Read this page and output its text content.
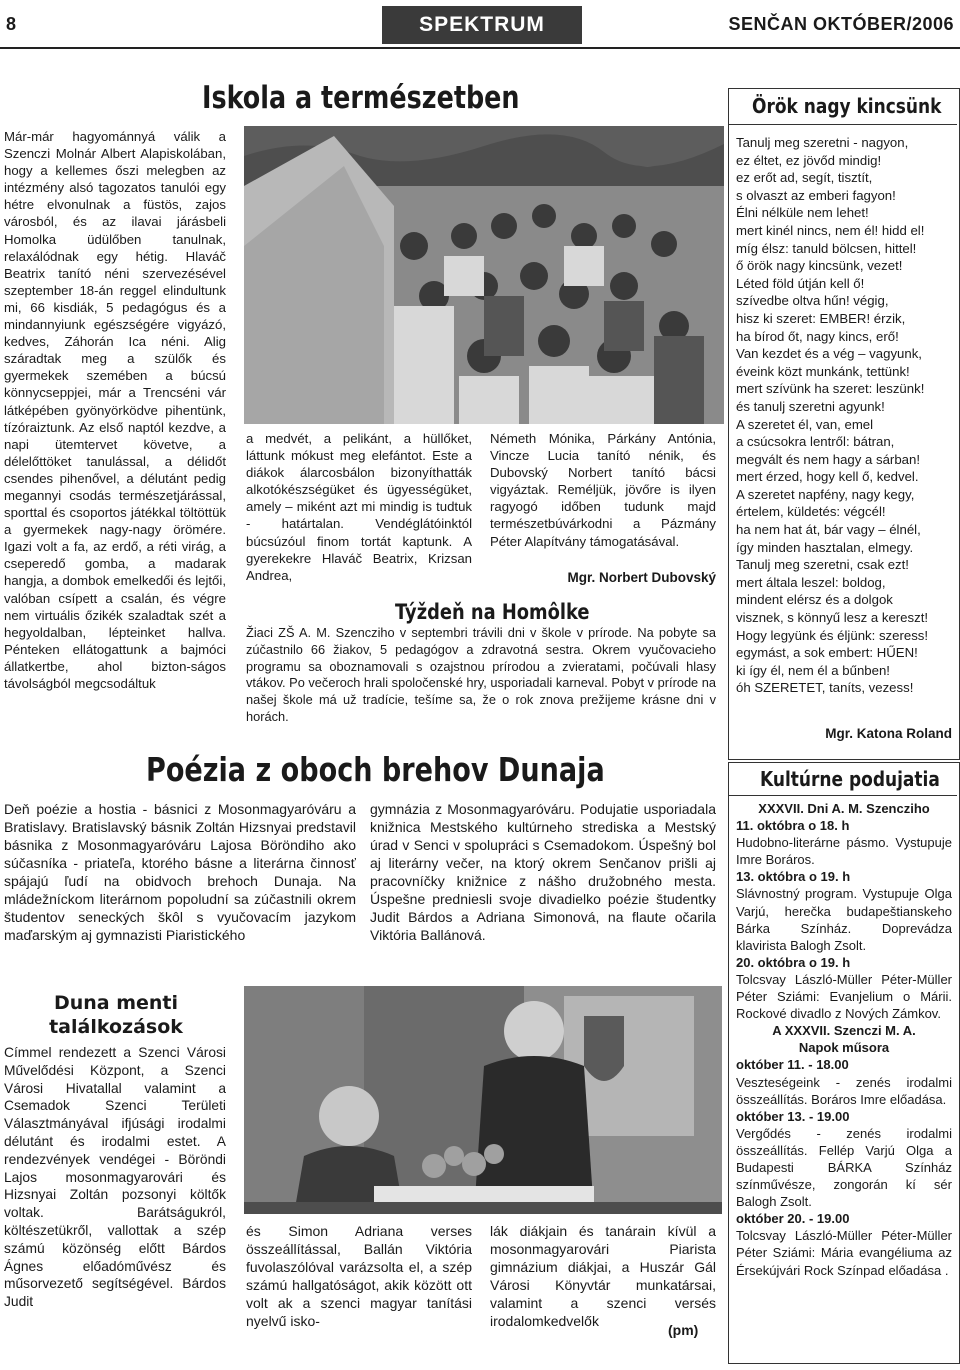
8	SPEKTRUM	SENČAN OKTÓBER/2006
Iskola a természetben
Már-már hagyománnyá válik a Szenczi Molnár Albert Alapiskolában, hogy a kellemes őszi melegben az intézmény alsó tagozatos tanulói egy hétre elvonulnak a füstös, zajos városból, és az ilavai járásbeli Homolka üdülőben tanulnak, relaxálódnak egy hétig. Hlaváč Beatrix tanító néni szervezésével szeptember 18-án reggel elindultunk mi, 66 kisdiák, 5 pedagógus és a mindannyiunk egészségére vigyázó, kedves, Záhorán Ica néni. Alig száradtak meg a szülők és gyermekek szemében a búcsú könnycseppjei, már a Trencséni vár látképében gyönyörködve pihentünk, tízóraiztunk. Az első naptól kezdve, a napi ütemtervet követve, a délelőttöket tanulással, a délidőt csendes pihenővel, a délutánt pedig megannyi csodás természetjárással, sporttal és csoportos játékkal töltöttük a gyermekek nagy-nagy örömére. Igazi volt a fa, az erdő, a réti virág, a cseperedő gomba, a madarak hangja, a dombok emelkedői és lejtői, valóban csípett a csalán, és végre nem virtuális őzikék szaladtak szét a hegyoldalban, lépteinket hallva. Pénteken ellátogattunk a bajmóci állatkertbe, ahol bizton-ságos távolságból megcsodáltuk
a medvét, a pelikánt, a hüllőket, láttunk mókust meg elefántot. Este a diákok álarcosbálon bizonyíthatták alkotókészségüket és ügyességüket, amely – miként azt mi mindig is tudtuk - határtalan. Vendéglátóinktól búcsúzóul finom tortát kaptunk. A gyerekekre Hlaváč Beatrix, Krizsan Andrea,
Németh Mónika, Párkány Antónia, Vincze Lucia tanító nénik, és Dubovský Norbert tanító bácsi vigyáztak. Reméljük, jövőre is ilyen ragyogó időben tudunk majd természetbúvárkodni a Pázmány Péter Alapítvány támogatásával.
Mgr. Norbert Dubovský
Týždeň na Homôlke
Žiaci ZŠ A. M. Szencziho v septembri trávili dni v škole v prírode. Na pobyte sa zúčastnilo 66 žiakov, 5 pedagógov a zdravotná sestra. Okrem vyučovacieho programu sa oboznamovali s ozajstnou prírodou a zvieratami, počúvali hlasy vtákov. Po večeroch hrali spoločenské hry, usporiadali karneval. Pobyt v prírode na našej škole má už tradície, tešíme sa, že o rok znova prežijeme krásne dni v horách.
Örök nagy kincsünk
Tanulj meg szeretni - nagyon,
ez éltet, ez jövőd mindig!
ez erőt ad, segít, tisztít,
s olvaszt az emberi fagyon!
Élni nélküle nem lehet!
mert kinél nincs, nem él! hidd el!
míg élsz: tanuld bölcsen, hittel!
ő örök nagy kincsünk, vezet!
Léted föld útján kell ő!
szívedbe oltva hűn! végig,
hisz ki szeret: EMBER! érzik,
ha bírod őt, nagy kincs, erő!
Van kezdet és a vég – vagyunk,
éveink közt munkánk, tettünk!
mert szívünk ha szeret: leszünk!
és tanulj szeretni agyunk!
A szeretet él, van, emel
a csúcsokra lentről: bátran,
megvált és nem hagy a sárban!
mert érzed, hogy kell ő, kedvel.
A szeretet napfény, nagy kegy,
értelem, küldetés: végcél!
ha nem hat át, bár vagy – élnél,
így minden hasztalan, elmegy.
Tanulj meg szeretni, csak ezt!
mert általa leszel: boldog,
mindent elérsz és a dolgok
visznek, s könnyű lesz a kereszt!
Hogy legyünk és éljünk: szeress!
egymást, a sok embert: HŰEN!
ki így él, nem él a bűnben!
óh SZERETET, taníts, vezess!
Mgr. Katona Roland
Poézia z oboch brehov Dunaja
Deň poézie a hostia - básnici z Mosonmagyaróváru a Bratislavy. Bratislavský básnik Zoltán Hizsnyai predstavil básnika z Mosonmagyaróváru Lajosa Böröndiho ako súčasníka - priateľa, ktorého básne a literárna činnosť spájajú ľudí na obidvoch brehoch Dunaja. Na mládežníckom literárnom popoludní sa zúčastnili okrem študentov seneckých škôl s vyučovacím jazykom maďarským aj gymnazisti Piaristického
gymnázia z Mosonmagyaróváru. Podujatie usporiadala knižnica Mestského kultúrneho strediska a Mestský úrad v Senci v spolupráci s Csemadokom. Úspešný bol aj literárny večer, na ktorý okrem Senčanov prišli aj pracovníčky knižnice z nášho družobného mesta. Úspešne predniesli svoje divadielko poézie študentky Judit Bárdos a Adriana Simonová, na flaute očarila Viktória Ballánová.
Duna menti
találkozások
Címmel rendezett a Szenci Városi Művelődési Központ, a Szenci Városi Hivatallal valamint a Csemadok Szenci Területi Választmányával ifjúsági irodalmi délutánt és irodalmi estet. A rendezvények vendégei - Böröndi Lajos mosonmagyarovári és Hizsnyai Zoltán pozsonyi költők voltak. Barátságukról, költészetükről, vallottak a szép számú közönség előtt Bárdos Ágnes előadóművész és műsorvezető segítségével. Bárdos Judit
és Simon Adriana verses összeállítással, Ballán Viktória fuvolaszólóval varázsolta el, a szép számú hallgatóságot, akik között ott volt ak a szenci magyar tanítási nyelvű isko-
lák diákjain és tanárain kívül a mosonmagyarovári Piarista gimnázium diákjai, a Huszár Gál Városi Könyvtár munkatársai, valamint a szenci versés irodalomkedvelők
(pm)
Kultúrne podujatia
XXXVII. Dni A. M. Szencziho
11. októbra o 18. h
Hudobno-literárne pásmo. Vystupuje Imre Boráros.
13. októbra o 19. h
Slávnostný program. Vystupuje Olga Varjú, herečka budapeštianskeho Bárka Színház. Doprevádza klavirista Balogh Zsolt.
20. októbra o 19. h
Tolcsvay László-Müller Péter-Müller Péter Sziámi: Evanjelium o Márii. Rockové divadlo z Nových Zámkov.
A XXXVII. Szenczi M. A.
Napok műsora
október 11. - 18.00
Veszteségeink - zenés irodalmi összeállítás. Boráros Imre előadása.
október 13. - 19.00
Vergődés - zenés irodalmi összeállítás. Fellép Varjú Olga a Budapesti BÁRKA Színház színművésze, zongorán kí sér Balogh Zsolt.
október 20. - 19.00
Tolcsvay László-Müller Péter-Müller Péter Sziámi: Mária evangéliuma az Érsekújvári Rock Színpad előadása .
